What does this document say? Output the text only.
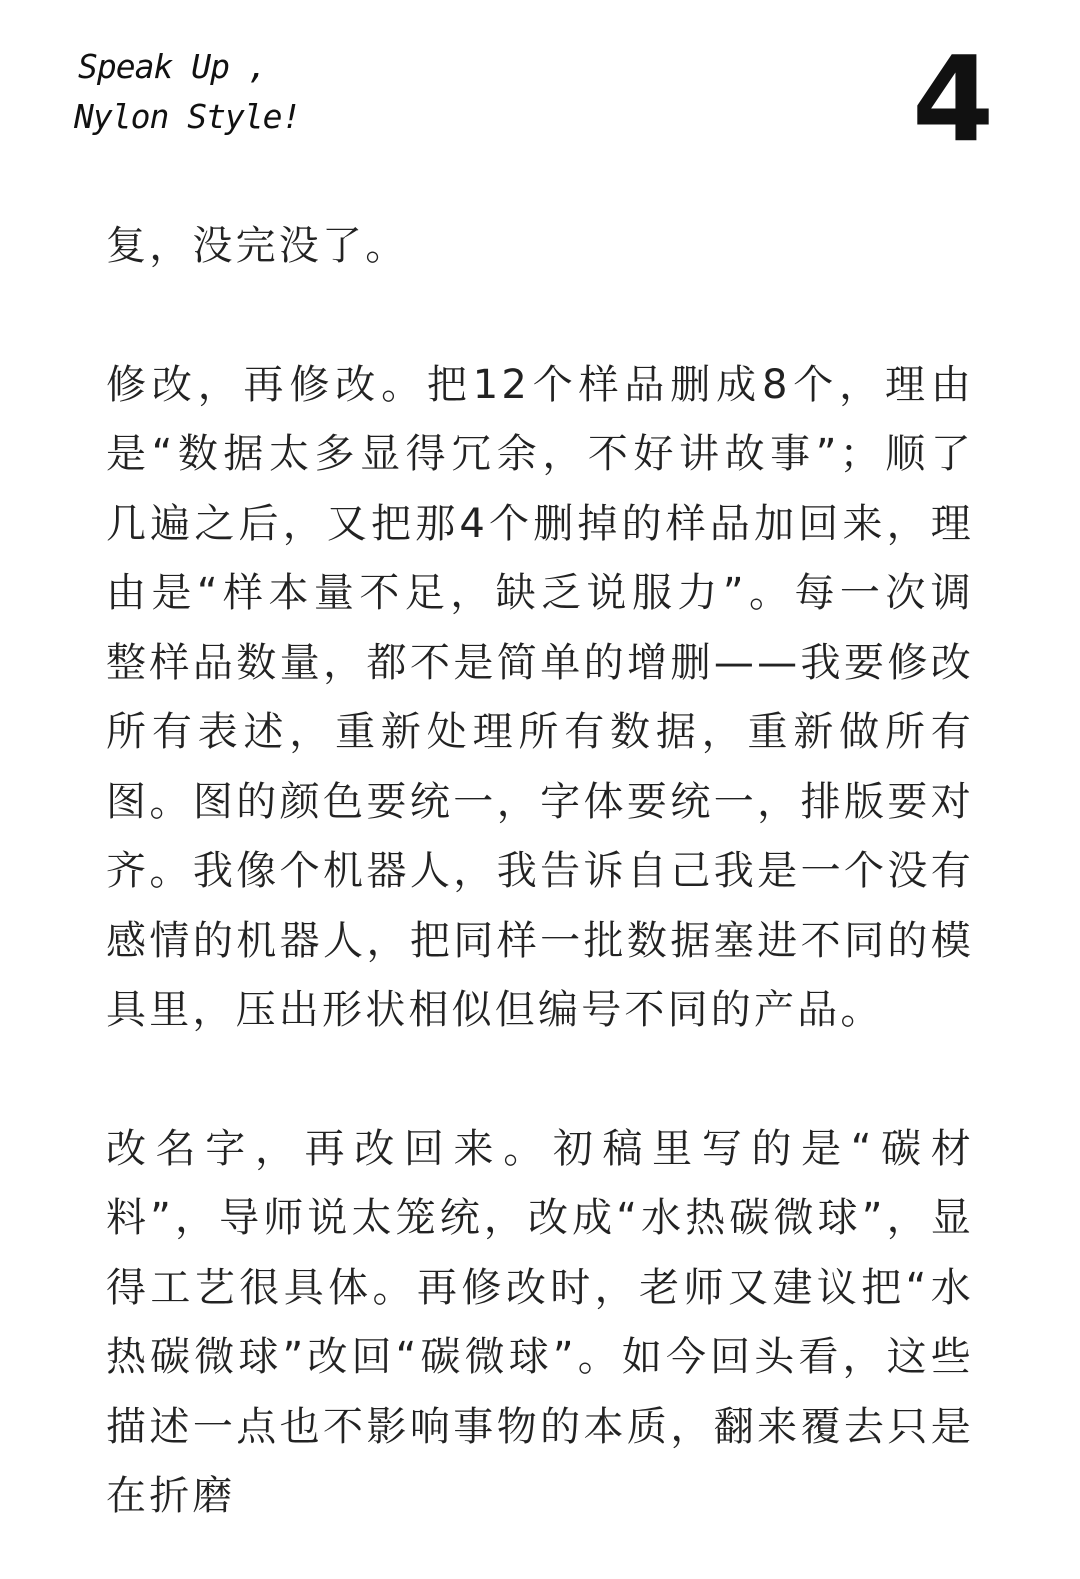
Speak Up ,
Nylon Style!	4

复，没完没了。

修改，再修改。把12个样品删成8个，理由是“数据太多显得冗余，不好讲故事”；顺了几遍之后，又把那4个删掉的样品加回来，理由是“样本量不足，缺乏说服力”。每一次调整样品数量，都不是简单的增删——我要修改所有表述，重新处理所有数据，重新做所有图。图的颜色要统一，字体要统一，排版要对齐。我像个机器人，我告诉自己我是一个没有感情的机器人，把同样一批数据塞进不同的模具里，压出形状相似但编号不同的产品。

改名字，再改回来。初稿里写的是“碳材料”，导师说太笼统，改成“水热碳微球”，显得工艺很具体。再修改时，老师又建议把“水热碳微球”改回“碳微球”。如今回头看，这些描述一点也不影响事物的本质，翻来覆去只是在折磨
